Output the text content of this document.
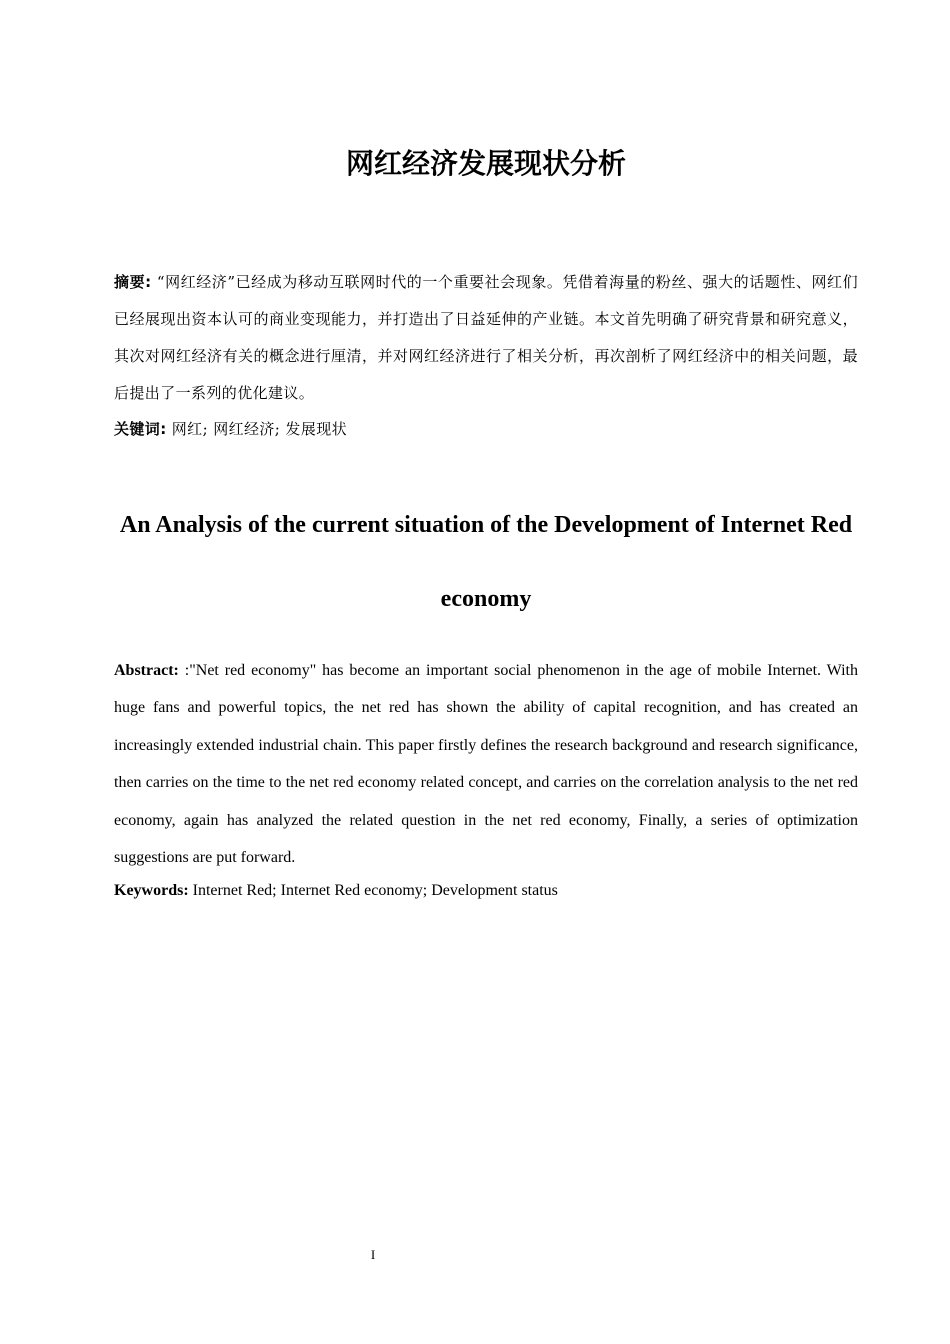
网红经济发展现状分析

摘要: “网红经济”已经成为移动互联网时代的一个重要社会现象。凭借着海量的粉丝、强大的话题性、网红们已经展现出资本认可的商业变现能力，并打造出了日益延伸的产业链。本文首先明确了研究背景和研究意义，其次对网红经济有关的概念进行厘清，并对网红经济进行了相关分析，再次剖析了网红经济中的相关问题，最后提出了一系列的优化建议。

关键词: 网红; 网红经济; 发展现状

An Analysis of the current situation of the Development of Internet Red economy

Abstract: :"Net red economy" has become an important social phenomenon in the age of mobile Internet. With huge fans and powerful topics, the net red has shown the ability of capital recognition, and has created an increasingly extended industrial chain. This paper firstly defines the research background and research significance, then carries on the time to the net red economy related concept, and carries on the correlation analysis to the net red economy, again has analyzed the related question in the net red economy, Finally, a series of optimization suggestions are put forward.

Keywords: Internet Red; Internet Red economy; Development status

I
